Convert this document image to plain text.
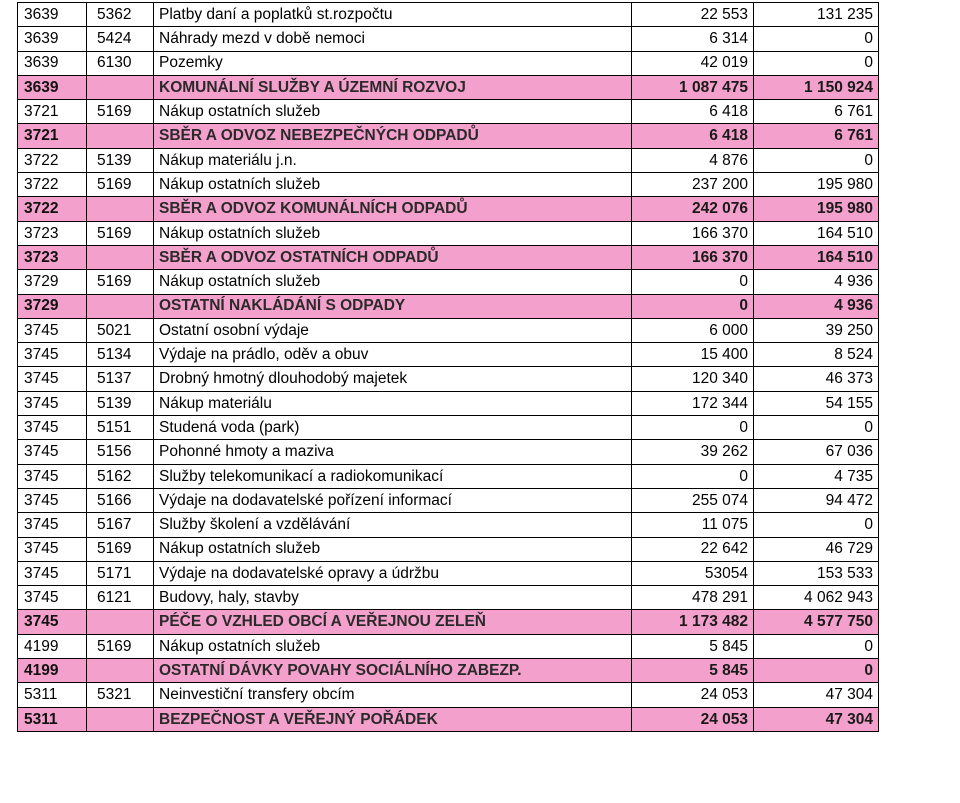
3639	5362	Platby daní a poplatků st.rozpočtu	22 553	131 235
3639	5424	Náhrady mezd v době nemoci	6 314	0
3639	6130	Pozemky	42 019	0
3639		KOMUNÁLNÍ SLUŽBY A ÚZEMNÍ ROZVOJ	1 087 475	1 150 924
3721	5169	Nákup ostatních služeb	6 418	6 761
3721		SBĚR A ODVOZ NEBEZPEČNÝCH ODPADŮ	6 418	6 761
3722	5139	Nákup materiálu j.n.	4 876	0
3722	5169	Nákup ostatních služeb	237 200	195 980
3722		SBĚR A ODVOZ KOMUNÁLNÍCH ODPADŮ	242 076	195 980
3723	5169	Nákup ostatních služeb	166 370	164 510
3723		SBĚR A ODVOZ OSTATNÍCH ODPADŮ	166 370	164 510
3729	5169	Nákup ostatních služeb	0	4 936
3729		OSTATNÍ NAKLÁDÁNÍ S ODPADY	0	4 936
3745	5021	Ostatní osobní výdaje	6 000	39 250
3745	5134	Výdaje na prádlo, oděv a obuv	15 400	8 524
3745	5137	Drobný hmotný dlouhodobý majetek	120 340	46 373
3745	5139	Nákup materiálu	172 344	54 155
3745	5151	Studená voda (park)	0	0
3745	5156	Pohonné hmoty a maziva	39 262	67 036
3745	5162	Služby telekomunikací a radiokomunikací	0	4 735
3745	5166	Výdaje na dodavatelské pořízení informací	255 074	94 472
3745	5167	Služby školení a vzdělávání	11 075	0
3745	5169	Nákup ostatních služeb	22 642	46 729
3745	5171	Výdaje na dodavatelské opravy a údržbu	53054	153 533
3745	6121	Budovy, haly, stavby	478 291	4 062 943
3745		PÉČE O VZHLED OBCÍ A VEŘEJNOU ZELEŇ	1 173 482	4 577 750
4199	5169	Nákup ostatních služeb	5 845	0
4199		OSTATNÍ DÁVKY POVAHY SOCIÁLNÍHO ZABEZP.	5 845	0
5311	5321	Neinvestiční transfery obcím	24 053	47 304
5311		BEZPEČNOST A VEŘEJNÝ POŘÁDEK	24 053	47 304
